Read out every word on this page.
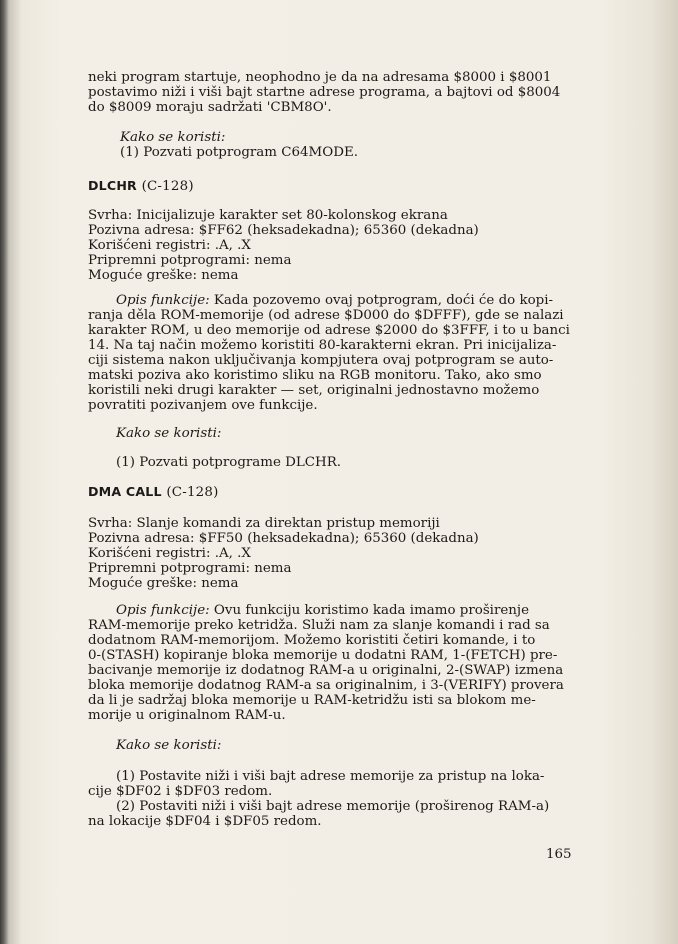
neki program startuje, neophodno je da na adresama $8000 i $8001
postavimo niži i viši bajt startne adrese programa, a bajtovi od $8004
do $8009 moraju sadržati 'CBM8O'.
Kako se koristi:
(1) Pozvati potprogram C64MODE.
DLCHR (C-128)
Svrha: Inicijalizuje karakter set 80-kolonskog ekrana
Pozivna adresa: $FF62 (heksadekadna); 65360 (dekadna)
Korišćeni registri: .A, .X
Pripremni potprogrami: nema
Moguće greške: nema
Opis funkcije: Kada pozovemo ovaj potprogram, doći će do kopi-
ranja děla ROM-memorije (od adrese $D000 do $DFFF), gde se nalazi
karakter ROM, u deo memorije od adrese $2000 do $3FFF, i to u banci
14. Na taj način možemo koristiti 80-karakterni ekran. Pri inicijaliza-
ciji sistema nakon uključivanja kompjutera ovaj potprogram se auto-
matski poziva ako koristimo sliku na RGB monitoru. Tako, ako smo
koristili neki drugi karakter — set, originalni jednostavno možemo
povratiti pozivanjem ove funkcije.
Kako se koristi:
(1) Pozvati potprograme DLCHR.
DMA CALL (C-128)
Svrha: Slanje komandi za direktan pristup memoriji
Pozivna adresa: $FF50 (heksadekadna); 65360 (dekadna)
Korišćeni registri: .A, .X
Pripremni potprogrami: nema
Moguće greške: nema
Opis funkcije: Ovu funkciju koristimo kada imamo proširenje
RAM-memorije preko ketridža. Služi nam za slanje komandi i rad sa
dodatnom RAM-memorijom. Možemo koristiti četiri komande, i to
0-(STASH) kopiranje bloka memorije u dodatni RAM, 1-(FETCH) pre-
bacivanje memorije iz dodatnog RAM-a u originalni, 2-(SWAP) izmena
bloka memorije dodatnog RAM-a sa originalnim, i 3-(VERIFY) provera
da li je sadržaj bloka memorije u RAM-ketridžu isti sa blokom me-
morije u originalnom RAM-u.
Kako se koristi:
(1) Postavite niži i viši bajt adrese memorije za pristup na loka-
cije $DF02 i $DF03 redom.
(2) Postaviti niži i viši bajt adrese memorije (proširenog RAM-a)
na lokacije $DF04 i $DF05 redom.
165
